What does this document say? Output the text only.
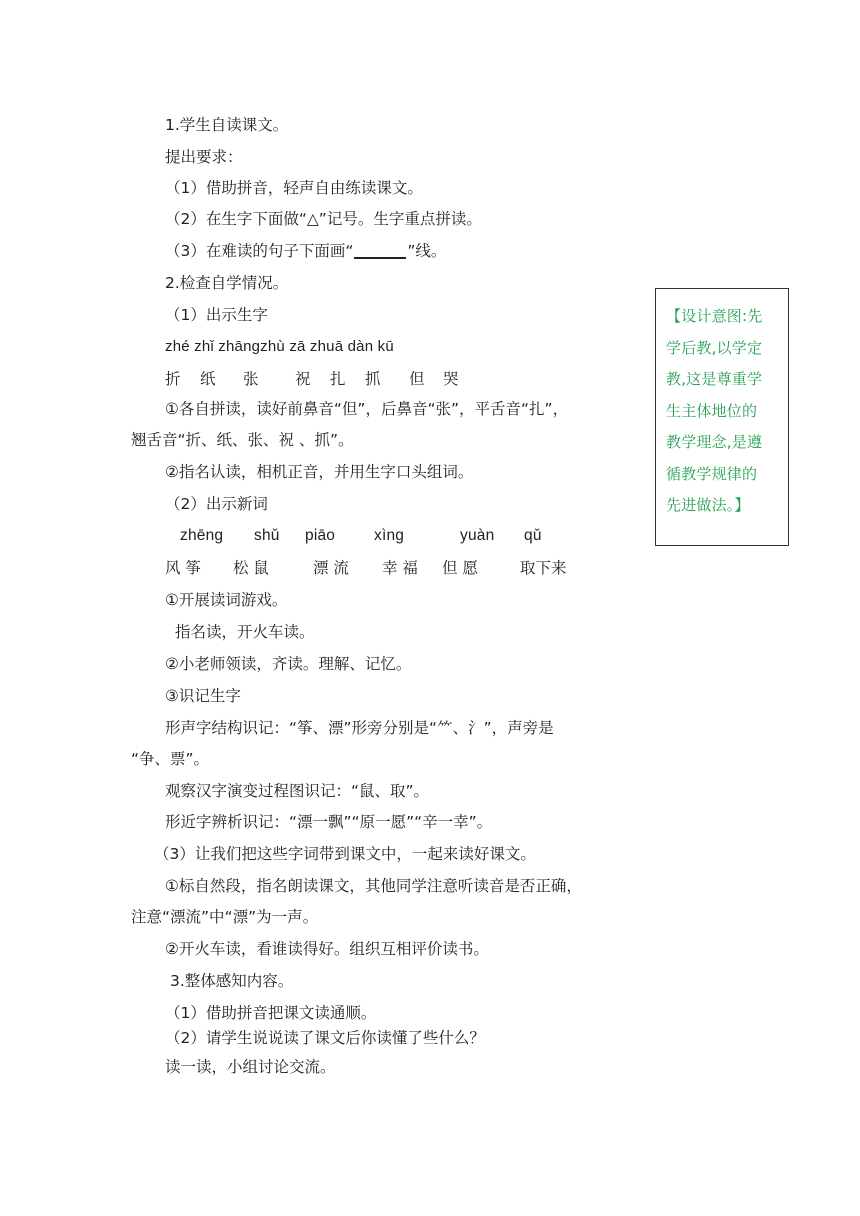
1.学生自读课文。
提出要求：
（1）借助拼音，轻声自由练读课文。
（2）在生字下面做“△”记号。生字重点拼读。
（3）在难读的句子下面画“	”线。
2.检查自学情况。
（1）出示生字
zhé zhǐ zhānɡzhù zā zhuā dàn kū
折 纸 张 祝 扎 抓 但 哭
①各自拼读，读好前鼻音“但”，后鼻音“张”，平舌音“扎”，
翘舌音“折、纸、张、祝 、抓”。
②指名认读，相机正音，并用生字口头组词。
（2）出示新词
zhēnɡ shǔ piāo	xìnɡ	yuàn qǔ
风 筝 松 鼠	漂 流 幸 福 但 愿	取下来
①开展读词游戏。
指名读，开火车读。
②小老师领读，齐读。理解、记忆。
③识记生字
形声字结构识记：“筝、漂”形旁分别是“⺮、氵”，声旁是
“争、票”。
观察汉字演变过程图识记：“鼠、取”。
形近字辨析识记：“漂一飘”“原一愿”“辛一幸”。
（3）让我们把这些字词带到课文中，一起来读好课文。
①标自然段，指名朗读课文，其他同学注意听读音是否正确，
注意“漂流”中“漂”为一声。
②开火车读，看谁读得好。组织互相评价读书。
3.整体感知内容。
（1）借助拼音把课文读通顺。
（2）请学生说说读了课文后你读懂了些什么？
读一读，小组讨论交流。
【设计意图:先
学后教,以学定
教,这是尊重学
生主体地位的
教学理念,是遵
循教学规律的
先进做法。】
